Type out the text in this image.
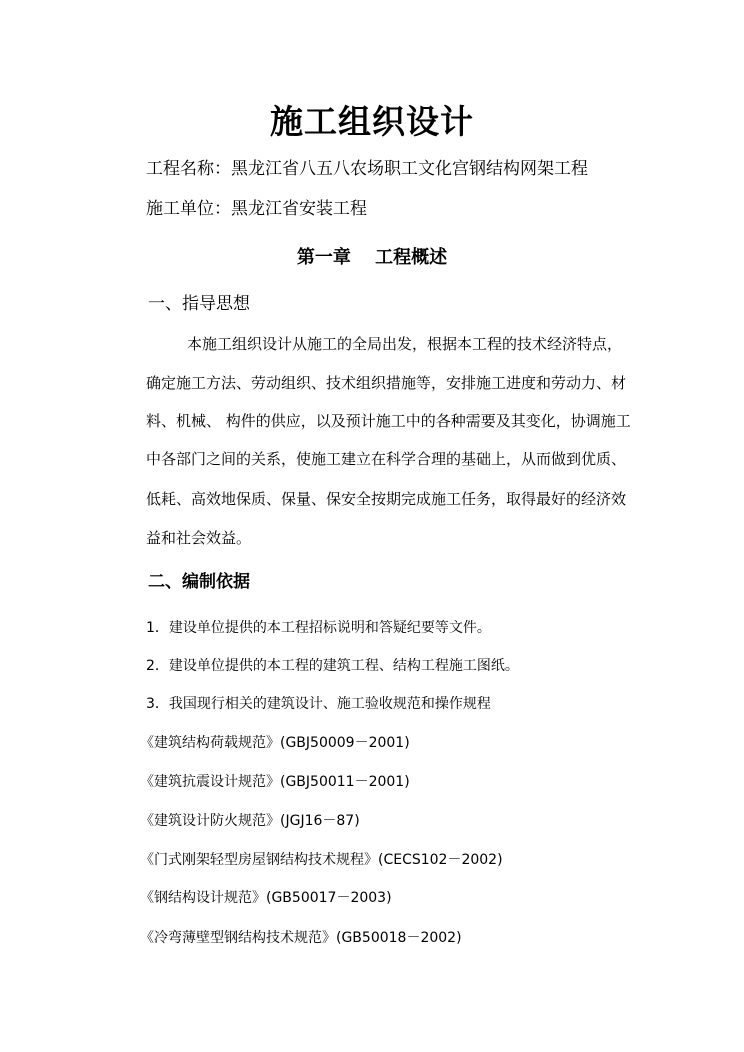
施工组织设计
工程名称：黑龙江省八五八农场职工文化宫钢结构网架工程
施工单位：黑龙江省安装工程
第一章　 工程概述
一、指导思想
本施工组织设计从施工的全局出发，根据本工程的技术经济特点，
确定施工方法、劳动组织、技术组织措施等，安排施工进度和劳动力、材
料、机械、 构件的供应，以及预计施工中的各种需要及其变化，协调施工
中各部门之间的关系，使施工建立在科学合理的基础上，从而做到优质、
低耗、高效地保质、保量、保安全按期完成施工任务，取得最好的经济效
益和社会效益。
二、编制依据
1．建设单位提供的本工程招标说明和答疑纪要等文件。
2．建设单位提供的本工程的建筑工程、结构工程施工图纸。
3．我国现行相关的建筑设计、施工验收规范和操作规程
《建筑结构荷载规范》(GBJ50009－2001)
《建筑抗震设计规范》(GBJ50011－2001)
《建筑设计防火规范》(JGJ16－87)
《门式刚架轻型房屋钢结构技术规程》(CECS102－2002)
《钢结构设计规范》(GB50017－2003)
《冷弯薄壁型钢结构技术规范》(GB50018－2002)
